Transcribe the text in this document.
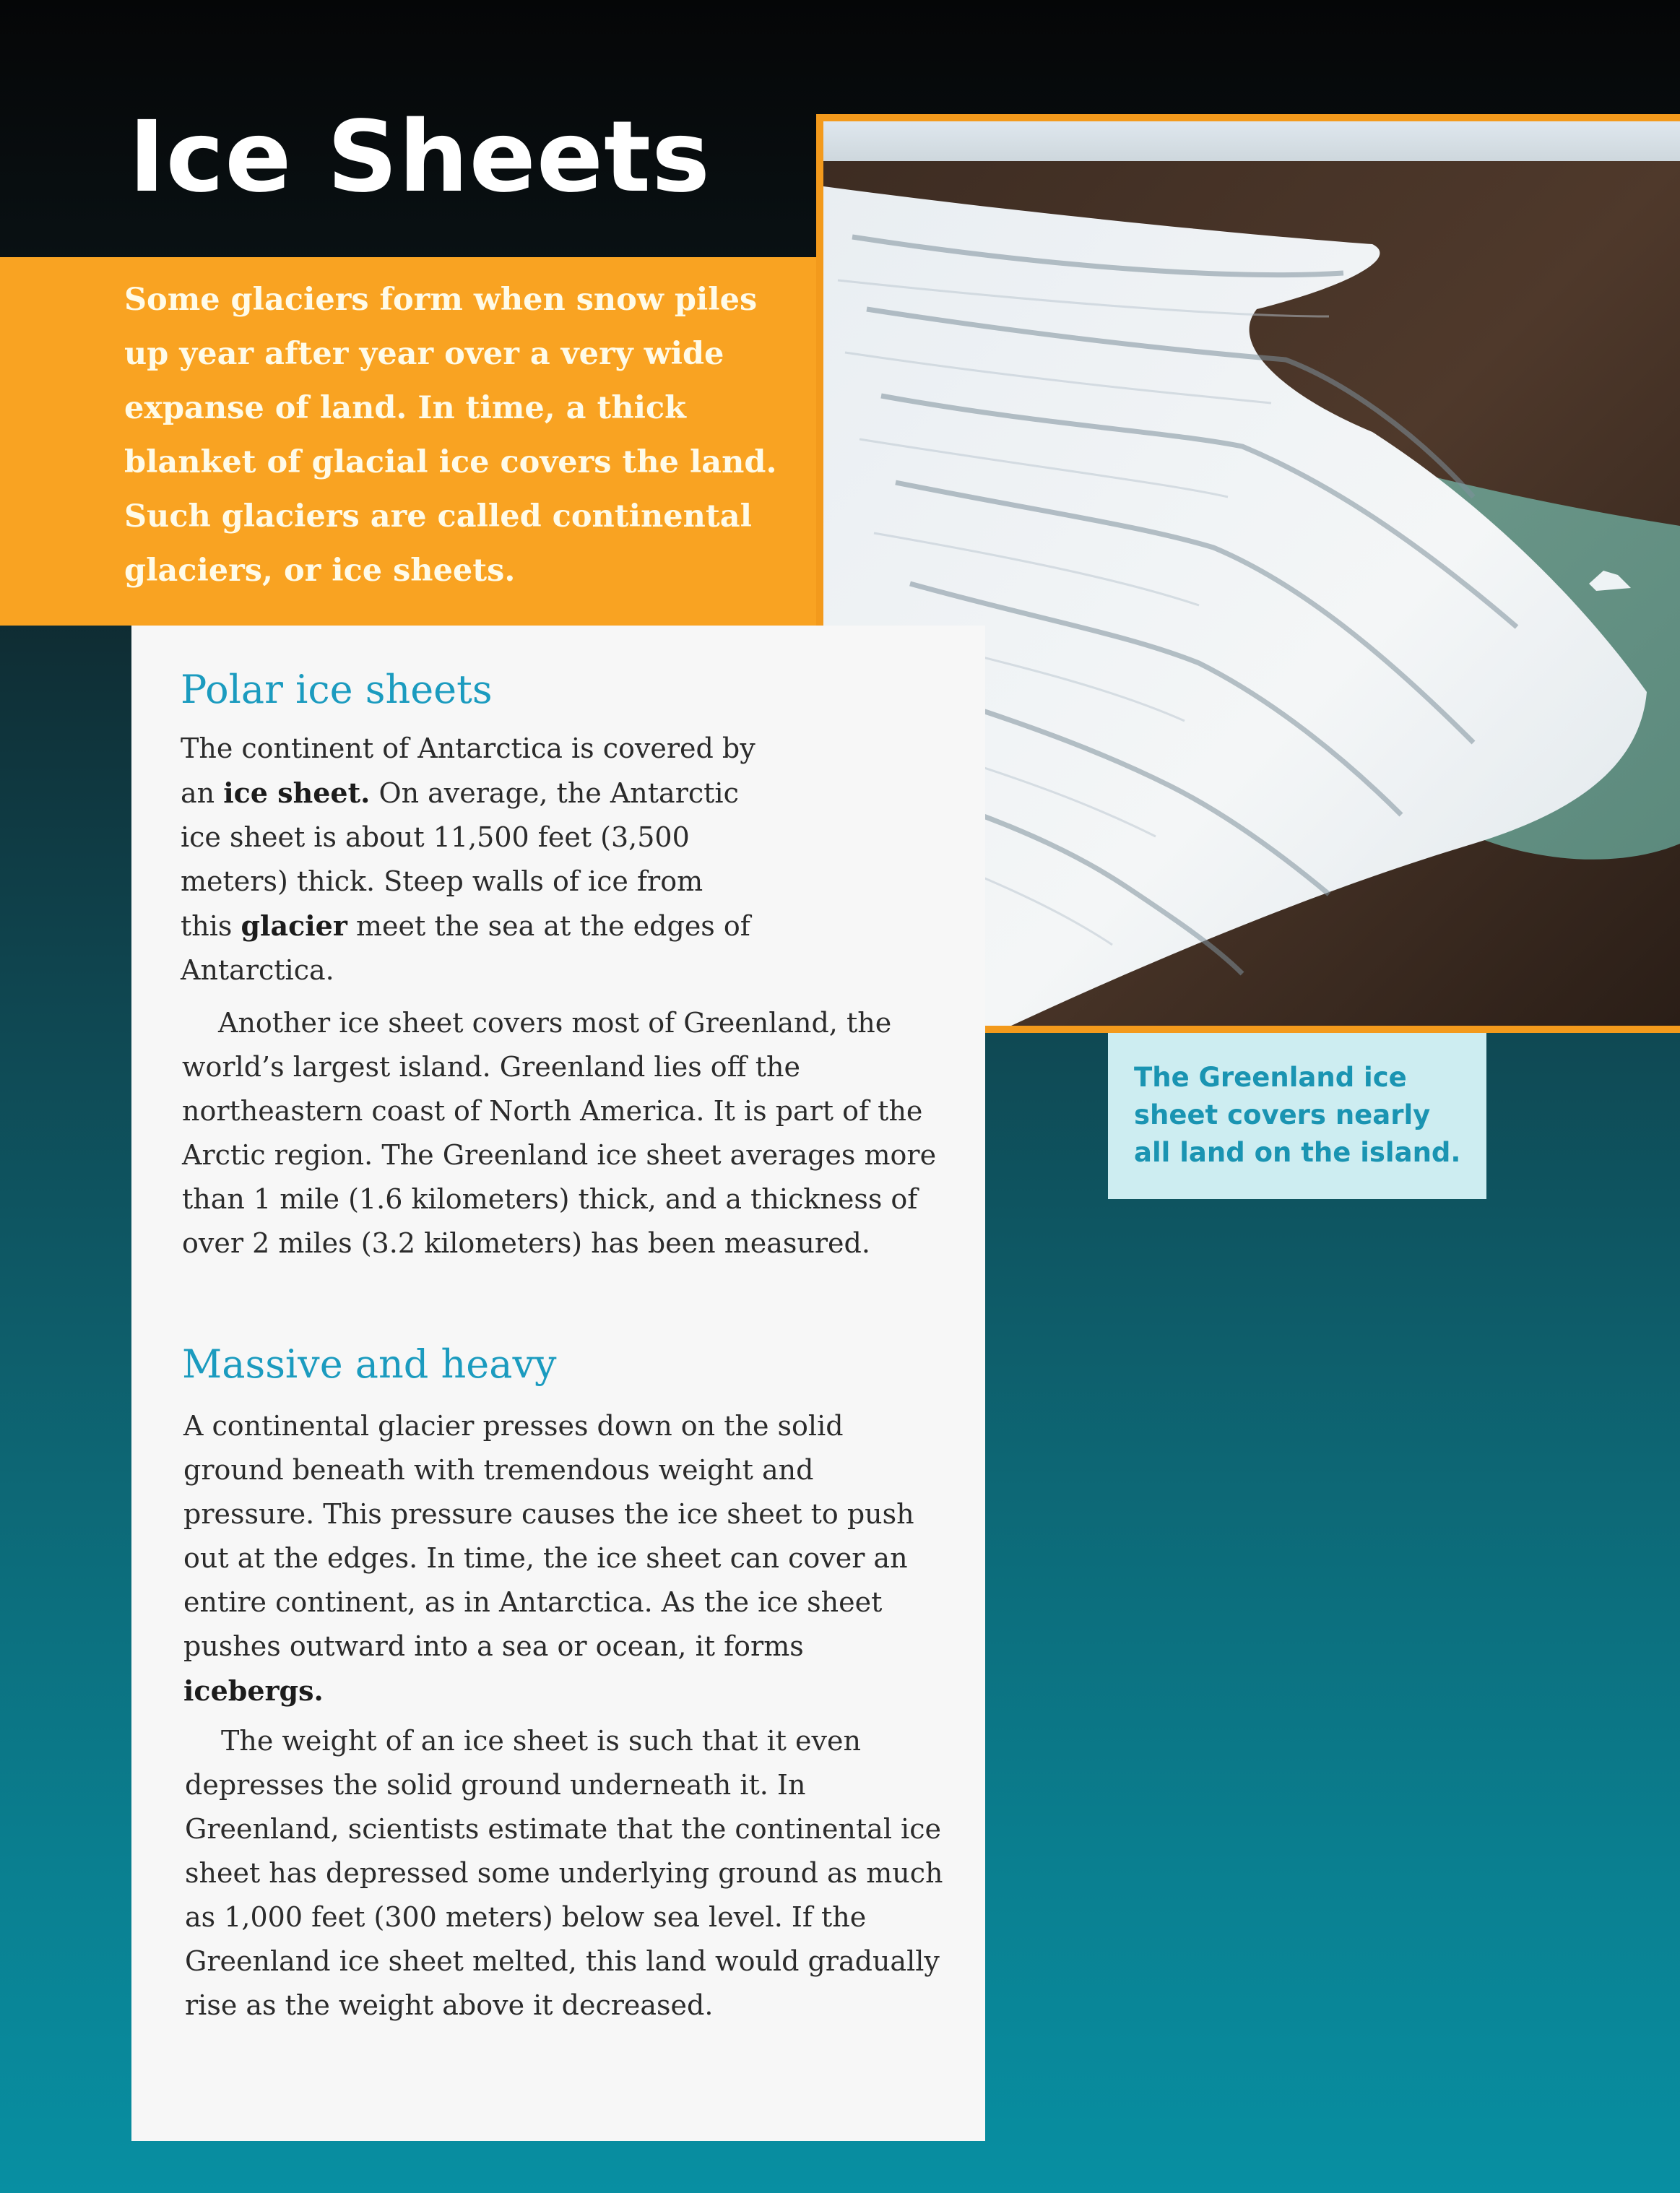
Ice Sheets

Some glaciers form when snow piles up year after year over a very wide expanse of land. In time, a thick blanket of glacial ice covers the land. Such glaciers are called continental glaciers, or ice sheets.

The Greenland ice sheet covers nearly all land on the island.

Polar ice sheets

The continent of Antarctica is covered by an ice sheet. On average, the Antarctic ice sheet is about 11,500 feet (3,500 meters) thick. Steep walls of ice from this glacier meet the sea at the edges of Antarctica.

Another ice sheet covers most of Greenland, the world’s largest island. Greenland lies off the northeastern coast of North America. It is part of the Arctic region. The Greenland ice sheet averages more than 1 mile (1.6 kilometers) thick, and a thickness of over 2 miles (3.2 kilometers) has been measured.

Massive and heavy

A continental glacier presses down on the solid ground beneath with tremendous weight and pressure. This pressure causes the ice sheet to push out at the edges. In time, the ice sheet can cover an entire continent, as in Antarctica. As the ice sheet pushes outward into a sea or ocean, it forms icebergs.

The weight of an ice sheet is such that it even depresses the solid ground underneath it. In Greenland, scientists estimate that the continental ice sheet has depressed some underlying ground as much as 1,000 feet (300 meters) below sea level. If the Greenland ice sheet melted, this land would gradually rise as the weight above it decreased.
